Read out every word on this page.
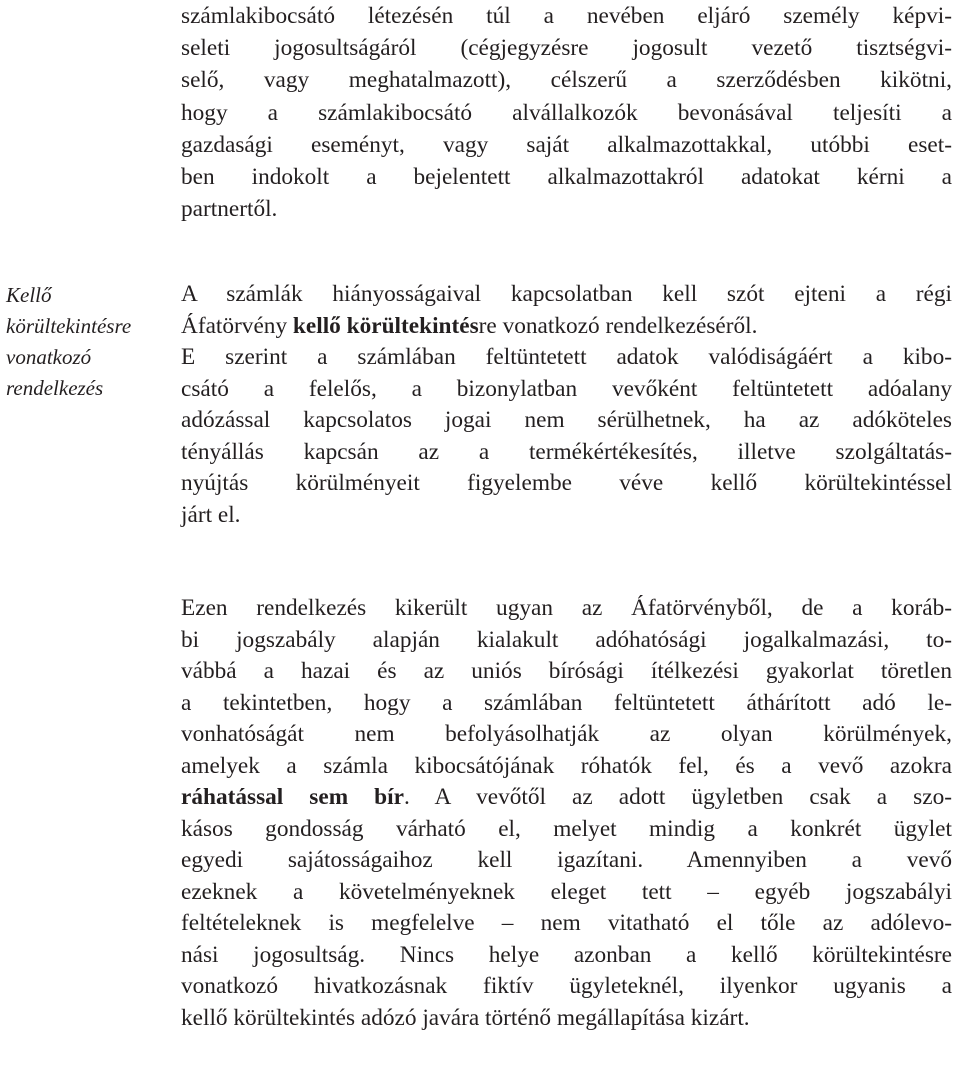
Kellő
körültekintésre
vonatkozó
rendelkezés
számlakibocsátó létezésén túl a nevében eljáró személy képvi-
seleti jogosultságáról (cégjegyzésre jogosult vezető tisztségvi-
selő, vagy meghatalmazott), célszerű a szerződésben kikötni,
hogy a számlakibocsátó alvállalkozók bevonásával teljesíti a
gazdasági eseményt, vagy saját alkalmazottakkal, utóbbi eset-
ben indokolt a bejelentett alkalmazottakról adatokat kérni a
partnertől.
A számlák hiányosságaival kapcsolatban kell szót ejteni a régi
Áfatörvény kellő körültekintésre vonatkozó rendelkezéséről.
E szerint a számlában feltüntetett adatok valódiságáért a kibo-
csátó a felelős, a bizonylatban vevőként feltüntetett adóalany
adózással kapcsolatos jogai nem sérülhetnek, ha az adóköteles
tényállás kapcsán az a termékértékesítés, illetve szolgáltatás-
nyújtás körülményeit figyelembe véve kellő körültekintéssel
járt el.
Ezen rendelkezés kikerült ugyan az Áfatörvényből, de a koráb-
bi jogszabály alapján kialakult adóhatósági jogalkalmazási, to-
vábbá a hazai és az uniós bírósági ítélkezési gyakorlat töretlen
a tekintetben, hogy a számlában feltüntetett áthárított adó le-
vonhatóságát nem befolyásolhatják az olyan körülmények,
amelyek a számla kibocsátójának róhatók fel, és a vevő azokra
ráhatással sem bír. A vevőtől az adott ügyletben csak a szo-
kásos gondosság várható el, melyet mindig a konkrét ügylet
egyedi sajátosságaihoz kell igazítani. Amennyiben a vevő
ezeknek a követelményeknek eleget tett – egyéb jogszabályi
feltételeknek is megfelelve – nem vitatható el tőle az adólevo-
nási jogosultság. Nincs helye azonban a kellő körültekintésre
vonatkozó hivatkozásnak fiktív ügyleteknél, ilyenkor ugyanis a
kellő körültekintés adózó javára történő megállapítása kizárt.
